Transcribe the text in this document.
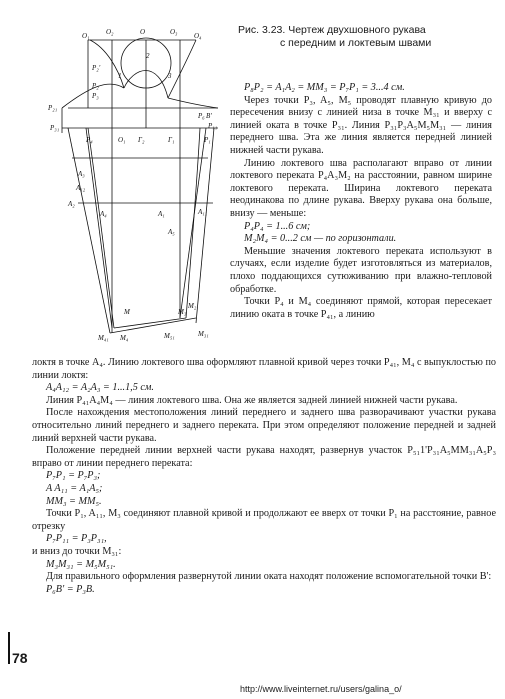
O₁ O₂	O	O₃ O₄
P₂'
P₂
P₃
P₂₁
P₃₁
P₄	O₁ Γ₂	Γ₁
P₆
P₁₁
P₁
A₃
A₁₂
A₂
A₄	A₁	A₁₁
A₅
M	M₃
M₂
M₄₁ M₄	M₅₁	M₃₁
1	3
2
B'
Рис. 3.23. Чертеж двухшовного рукава
с передним и локтевым швами

P₈P₂ = A₁A₂ = MM₃ = P₇P₁ = 3...4 см.

Через точки P₃, A₅, M₅ проводят плавную кривую до пересечения внизу с линией низа в точке M₃₁ и вверху с линией оката в точке P₃₁. Линия P₃₁P₃A₅M₅M₃₁ — линия переднего шва. Эта же линия является передней линией нижней части рукава.

Линию локтевого шва располагают вправо от линии локтевого переката P₄A₃M₂ на расстоянии, равном ширине локтевого переката. Ширина локтевого переката неодинакова по длине рукава. Вверху рукава она больше, внизу — меньше:

P₄P₄ = 1...6 см;

M₂M₄ = 0...2 см — по горизонтали.

Меньшие значения локтевого переката используют в случаях, если изделие будет изготовляться из материалов, плохо поддающихся сутюживанию при влажно-тепловой обработке.

Точки P₄ и M₄ соединяют прямой, которая пересекает линию оката в точке P₄₁, а линию

локтя в точке A₄. Линию локтевого шва оформляют плавной кривой через точки P₄₁, M₄ с выпуклостью по линии локтя:

A₄A₁₂ = A₂A₃ = 1...1,5 см.

Линия P₄₁A₄M₄ — линия локтевого шва. Она же является задней линией нижней части рукава.

После нахождения местоположения линий переднего и заднего шва разворачивают участки рукава относительно линий переднего и заднего переката. При этом определяют положение передней и задней линий верхней части рукава.

Положение передней линии верхней части рукава находят, развернув участок P₅₁1'P₃₁A₅MM₃₁A₅P₃ вправо от линии переднего переката:

P₇P₁ = P₇P₃;

A A₁₁ = A₁A₅;

MM₃ = MM₅.

Точки P₁, A₁₁, M₃ соединяют плавной кривой и продолжают ее вверх от точки P₁ на расстояние, равное отрезку

P₇P₁₁ = P₃P₃₁,

и вниз до точки M₃₁:

M₃M₃₁ = M₅M₅₁.

Для правильного оформления развернутой линии оката находят положение вспомогательной точки B':

P₆B' = P₃B.

78
http://www.liveinternet.ru/users/galina_o/
